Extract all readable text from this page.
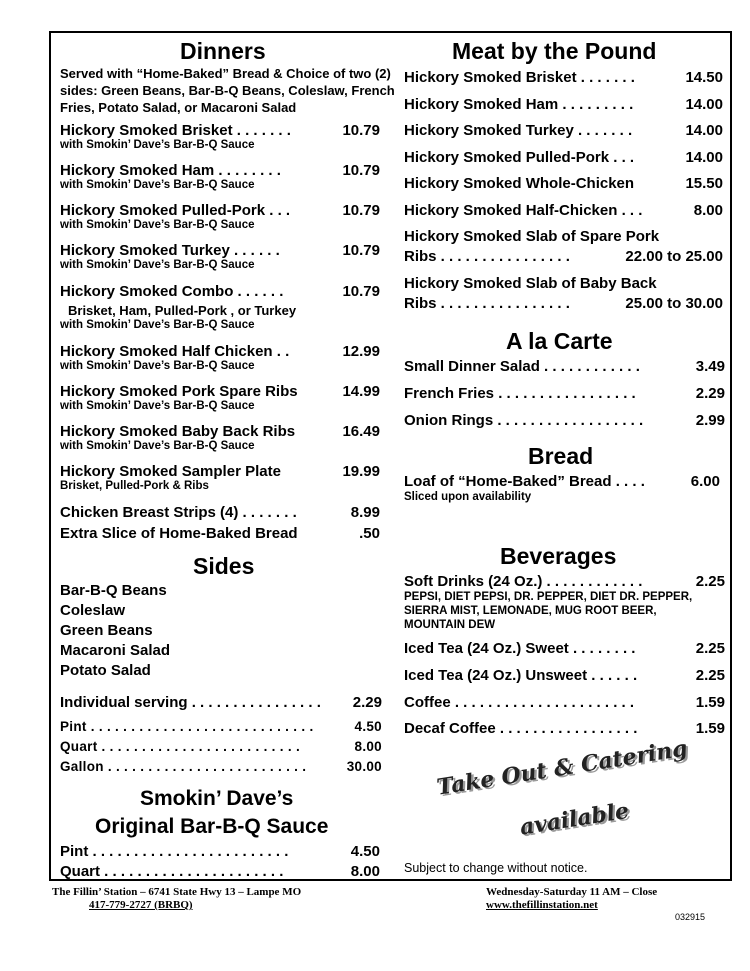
Dinners
Served with “Home-Baked” Bread & Choice of two (2) sides: Green Beans, Bar-B-Q Beans, Coleslaw, French Fries, Potato Salad, or Macaroni Salad
Hickory Smoked Brisket . . . . . . .	10.79
with Smokin’ Dave’s Bar-B-Q Sauce
Hickory Smoked Ham . . . . . . . .	10.79
with Smokin’ Dave’s Bar-B-Q Sauce
Hickory Smoked Pulled-Pork . . .	10.79
with Smokin’ Dave’s Bar-B-Q Sauce
Hickory Smoked Turkey . . . . . .	10.79
with Smokin’ Dave’s Bar-B-Q Sauce
Hickory Smoked Combo . . . . . .	10.79
Brisket, Ham, Pulled-Pork , or Turkey
with Smokin’ Dave’s Bar-B-Q Sauce
Hickory Smoked Half Chicken . .	12.99
with Smokin’ Dave’s Bar-B-Q Sauce
Hickory Smoked Pork Spare Ribs	14.99
with Smokin’ Dave’s Bar-B-Q Sauce
Hickory Smoked Baby Back Ribs	16.49
with Smokin’ Dave’s Bar-B-Q Sauce
Hickory Smoked Sampler Plate	19.99
Brisket, Pulled-Pork & Ribs
Chicken Breast Strips (4) . . . . . . .	8.99
Extra Slice of Home-Baked Bread	.50
Sides
Bar-B-Q Beans
Coleslaw
Green Beans
Macaroni Salad
Potato Salad
Individual serving . . . . . . . . . . . . . . . . 2.29
Pint . . . . . . . . . . . . . . . . . . . . . . . . . . . .	4.50
Quart . . . . . . . . . . . . . . . . . . . . . . . . .	8.00
Gallon . . . . . . . . . . . . . . . . . . . . . . . . .	30.00
Smokin’ Dave’s
Original Bar-B-Q Sauce
Pint . . . . . . . . . . . . . . . . . . . . . . . .	4.50
Quart . . . . . . . . . . . . . . . . . . . . . .	8.00
Meat by the Pound
Hickory Smoked Brisket . . . . . . .	14.50
Hickory Smoked Ham . . . . . . . . .	14.00
Hickory Smoked Turkey . . . . . . .	14.00
Hickory Smoked Pulled-Pork . . .	14.00
Hickory Smoked Whole-Chicken	15.50
Hickory Smoked Half-Chicken . . .	8.00
Hickory Smoked Slab of Spare Pork
Ribs . . . . . . . . . . . . . . . .	22.00 to 25.00
Hickory Smoked Slab of Baby Back
Ribs . . . . . . . . . . . . . . . .	25.00 to 30.00
A la Carte
Small Dinner Salad . . . . . . . . . . . .	3.49
French Fries . . . . . . . . . . . . . . . . .	2.29
Onion Rings . . . . . . . . . . . . . . . . . .	2.99
Bread
Loaf of “Home-Baked” Bread . . . .	6.00
Sliced upon availability
Beverages
Soft Drinks (24 Oz.) . . . . . . . . . . . .	2.25
PEPSI, DIET PEPSI, DR. PEPPER, DIET DR. PEPPER,
SIERRA MIST, LEMONADE, MUG ROOT BEER,
MOUNTAIN DEW
Iced Tea (24 Oz.) Sweet . . . . . . . .	2.25
Iced Tea (24 Oz.) Unsweet . . . . . .	2.25
Coffee . . . . . . . . . . . . . . . . . . . . . .	1.59
Decaf Coffee . . . . . . . . . . . . . . . . .	1.59
Take Out & Catering
available
Subject to change without notice.
The Fillin’ Station – 6741 State Hwy 13 – Lampe MO
417-779-2727 (BRBQ)
Wednesday-Saturday 11 AM – Close
www.thefillinstation.net
032915
